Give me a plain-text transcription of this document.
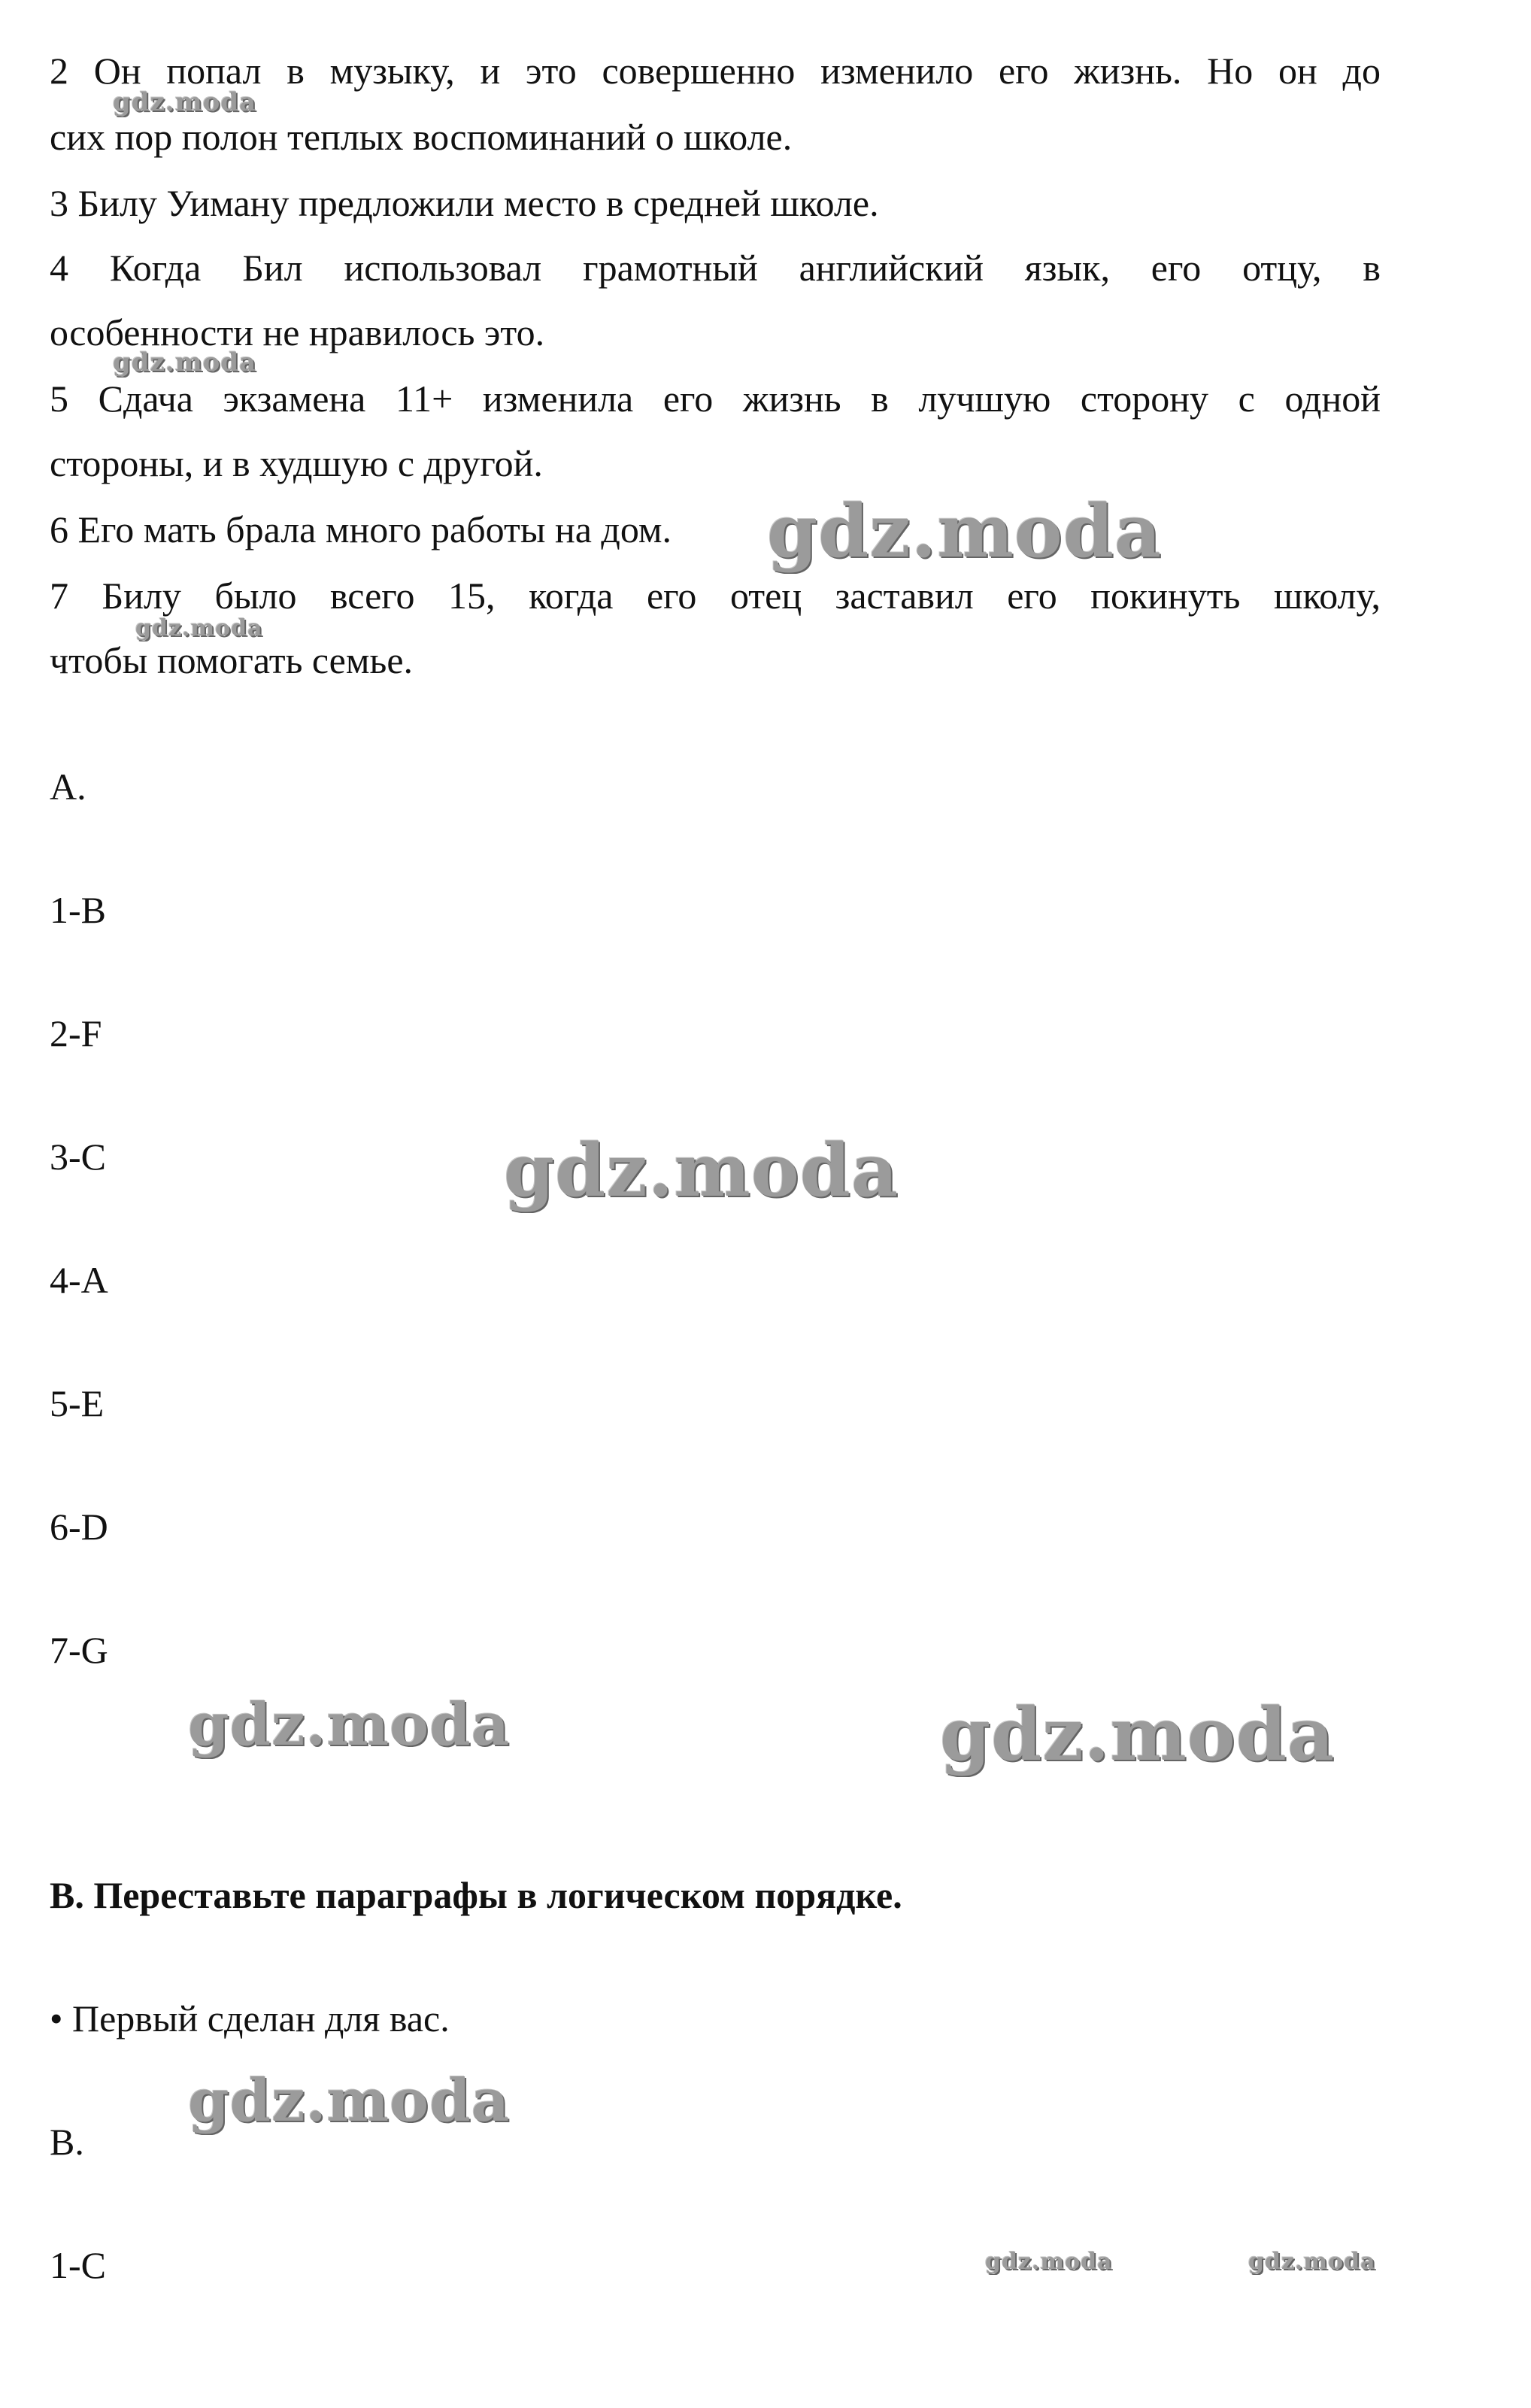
2 Он попал в музыку, и это совершенно изменило его жизнь. Но он до
сих пор полон теплых воспоминаний о школе.
3 Билу Уиману предложили место в средней школе.
4 Когда Бил использовал грамотный английский язык, его отцу, в
особенности не нравилось это.
5 Сдача экзамена 11+ изменила его жизнь в лучшую сторону с одной
стороны, и в худшую с другой.
6 Его мать брала много работы на дом.
7 Билу было всего 15, когда его отец заставил его покинуть школу,
чтобы помогать семье.
A.
1-B
2-F
3-C
4-A
5-E
6-D
7-G
B. Переставьте параграфы в логическом порядке.
• Первый сделан для вас.
B.
1-C
gdz.moda
gdz.moda
gdz.moda
gdz.moda
gdz.moda
gdz.moda	gdz.moda
gdz.moda
gdz.moda	gdz.moda
